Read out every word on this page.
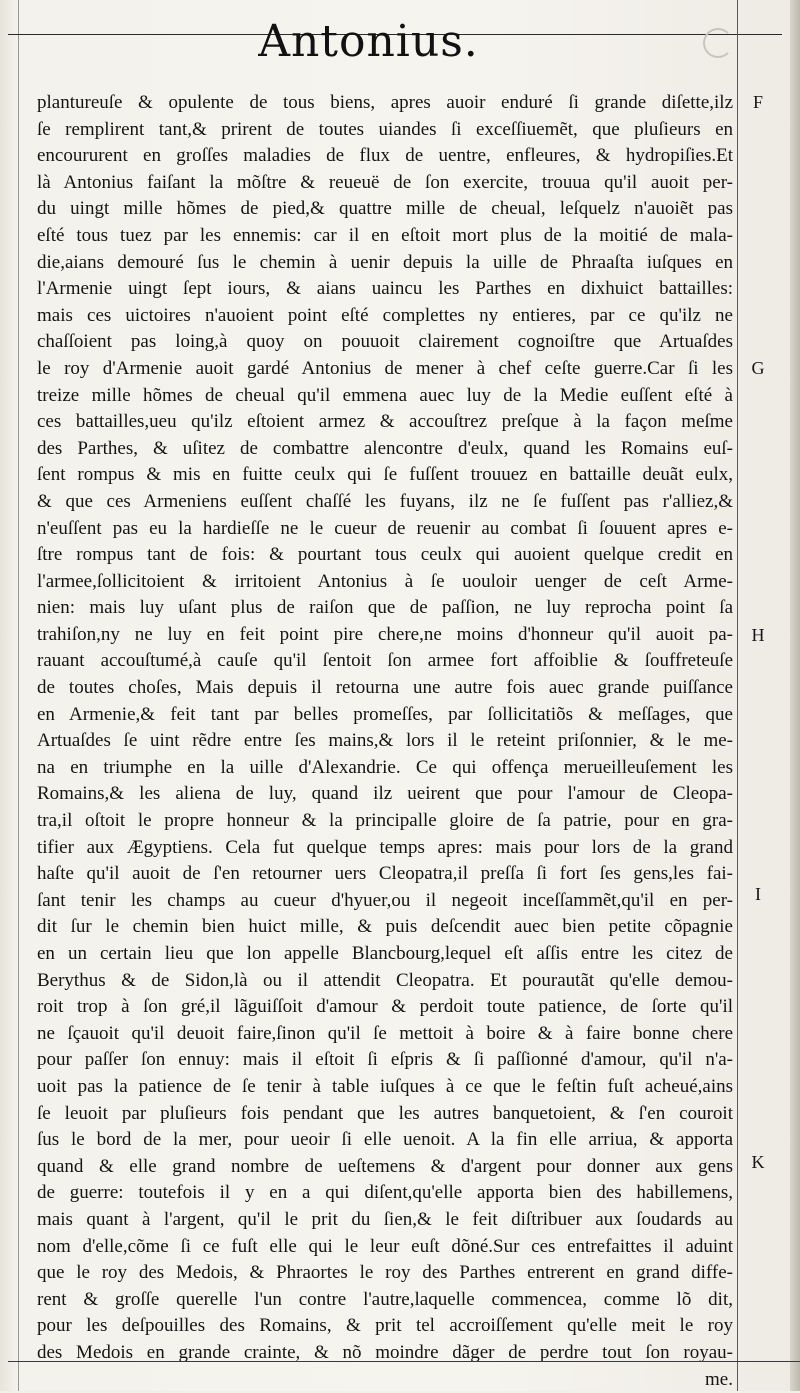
Antonius.
plantureuſe & opulente de tous biens, apres auoir enduré ſi grande diſette,ilz
ſe remplirent tant,& prirent de toutes uiandes ſi exceſſiuemẽt, que pluſieurs en
encoururent en groſſes maladies de flux de uentre, enfleures, & hydropiſies.Et
là Antonius faiſant la mõſtre & reueuë de ſon exercite, trouua qu'il auoit per-
du uingt mille hõmes de pied,& quattre mille de cheual, leſquelz n'auoiẽt pas
eſté tous tuez par les ennemis: car il en eſtoit mort plus de la moitié de mala-
die,aians demouré ſus le chemin à uenir depuis la uille de Phraaſta iuſques en
l'Armenie uingt ſept iours, & aians uaincu les Parthes en dixhuict battailles:
mais ces uictoires n'auoient point eſté complettes ny entieres, par ce qu'ilz ne
chaſſoient pas loing,à quoy on pouuoit clairement cognoiſtre que Artuaſdes
le roy d'Armenie auoit gardé Antonius de mener à chef ceſte guerre.Car ſi les
treize mille hõmes de cheual qu'il emmena auec luy de la Medie euſſent eſté à
ces battailles,ueu qu'ilz eſtoient armez & accouſtrez preſque à la façon meſme
des Parthes, & uſitez de combattre alencontre d'eulx, quand les Romains euſ-
ſent rompus & mis en fuitte ceulx qui ſe fuſſent trouuez en battaille deuãt eulx,
& que ces Armeniens euſſent chaſſé les fuyans, ilz ne ſe fuſſent pas r'alliez,&
n'euſſent pas eu la hardieſſe ne le cueur de reuenir au combat ſi ſouuent apres e-
ſtre rompus tant de fois: & pourtant tous ceulx qui auoient quelque credit en
l'armee,ſollicitoient & irritoient Antonius à ſe uouloir uenger de ceſt Arme-
nien: mais luy uſant plus de raiſon que de paſſion, ne luy reprocha point ſa
trahiſon,ny ne luy en feit point pire chere,ne moins d'honneur qu'il auoit pa-
rauant accouſtumé,à cauſe qu'il ſentoit ſon armee fort affoiblie & ſouffreteuſe
de toutes choſes, Mais depuis il retourna une autre fois auec grande puiſſance
en Armenie,& feit tant par belles promeſſes, par ſollicitatiõs & meſſages, que
Artuaſdes ſe uint rẽdre entre ſes mains,& lors il le reteint priſonnier, & le me-
na en triumphe en la uille d'Alexandrie. Ce qui offença merueilleuſement les
Romains,& les aliena de luy, quand ilz ueirent que pour l'amour de Cleopa-
tra,il oſtoit le propre honneur & la principalle gloire de ſa patrie, pour en gra-
tifier aux Ægyptiens. Cela fut quelque temps apres: mais pour lors de la grand
haſte qu'il auoit de ſ'en retourner uers Cleopatra,il preſſa ſi fort ſes gens,les fai-
ſant tenir les champs au cueur d'hyuer,ou il negeoit inceſſammẽt,qu'il en per-
dit ſur le chemin bien huict mille, & puis deſcendit auec bien petite cõpagnie
en un certain lieu que lon appelle Blancbourg,lequel eſt aſſis entre les citez de
Berythus & de Sidon,là ou il attendit Cleopatra. Et pourautãt qu'elle demou-
roit trop à ſon gré,il lãguiſſoit d'amour & perdoit toute patience, de ſorte qu'il
ne ſçauoit qu'il deuoit faire,ſinon qu'il ſe mettoit à boire & à faire bonne chere
pour paſſer ſon ennuy: mais il eſtoit ſi eſpris & ſi paſſionné d'amour, qu'il n'a-
uoit pas la patience de ſe tenir à table iuſques à ce que le feſtin fuſt acheué,ains
ſe leuoit par pluſieurs fois pendant que les autres banquetoient, & ſ'en couroit
ſus le bord de la mer, pour ueoir ſi elle uenoit. A la fin elle arriua, & apporta
quand & elle grand nombre de ueſtemens & d'argent pour donner aux gens
de guerre: toutefois il y en a qui diſent,qu'elle apporta bien des habillemens,
mais quant à l'argent, qu'il le prit du ſien,& le feit diſtribuer aux ſoudards au
nom d'elle,cõme ſi ce fuſt elle qui le leur euſt dõné.Sur ces entrefaittes il aduint
que le roy des Medois, & Phraortes le roy des Parthes entrerent en grand diffe-
rent & groſſe querelle l'un contre l'autre,laquelle commencea, comme lõ dit,
pour les deſpouilles des Romains, & prit tel accroiſſement qu'elle meit le roy
des Medois en grande crainte, & nõ moindre dãger de perdre tout ſon royau-
me.
F
G
H
I
K
